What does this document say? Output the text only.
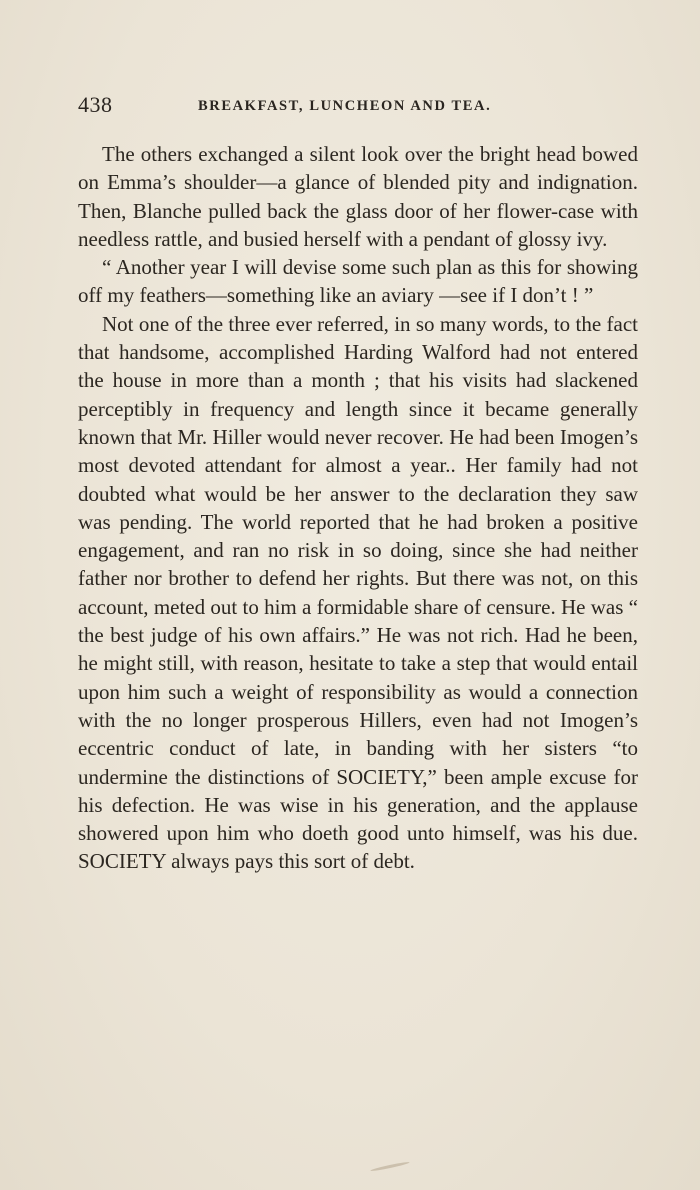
438	BREAKFAST, LUNCHEON AND TEA.

The others exchanged a silent look over the bright head bowed on Emma’s shoulder—a glance of blended pity and indignation. Then, Blanche pulled back the glass door of her flower-case with needless rattle, and busied herself with a pendant of glossy ivy.

“ Another year I will devise some such plan as this for showing off my feathers—something like an aviary —see if I don’t ! ”

Not one of the three ever referred, in so many words, to the fact that handsome, accomplished Harding Walford had not entered the house in more than a month ; that his visits had slackened perceptibly in frequency and length since it became generally known that Mr. Hiller would never recover. He had been Imogen’s most devoted attendant for almost a year.. Her family had not doubted what would be her answer to the declaration they saw was pending. The world reported that he had broken a positive engagement, and ran no risk in so doing, since she had neither father nor brother to defend her rights. But there was not, on this account, meted out to him a formidable share of censure. He was “ the best judge of his own affairs.” He was not rich. Had he been, he might still, with reason, hesitate to take a step that would entail upon him such a weight of responsibility as would a connection with the no longer prosperous Hillers, even had not Imogen’s eccentric conduct of late, in banding with her sisters “to undermine the distinctions of SOCIETY,” been ample excuse for his defection. He was wise in his generation, and the applause showered upon him who doeth good unto himself, was his due. SOCIETY always pays this sort of debt.
